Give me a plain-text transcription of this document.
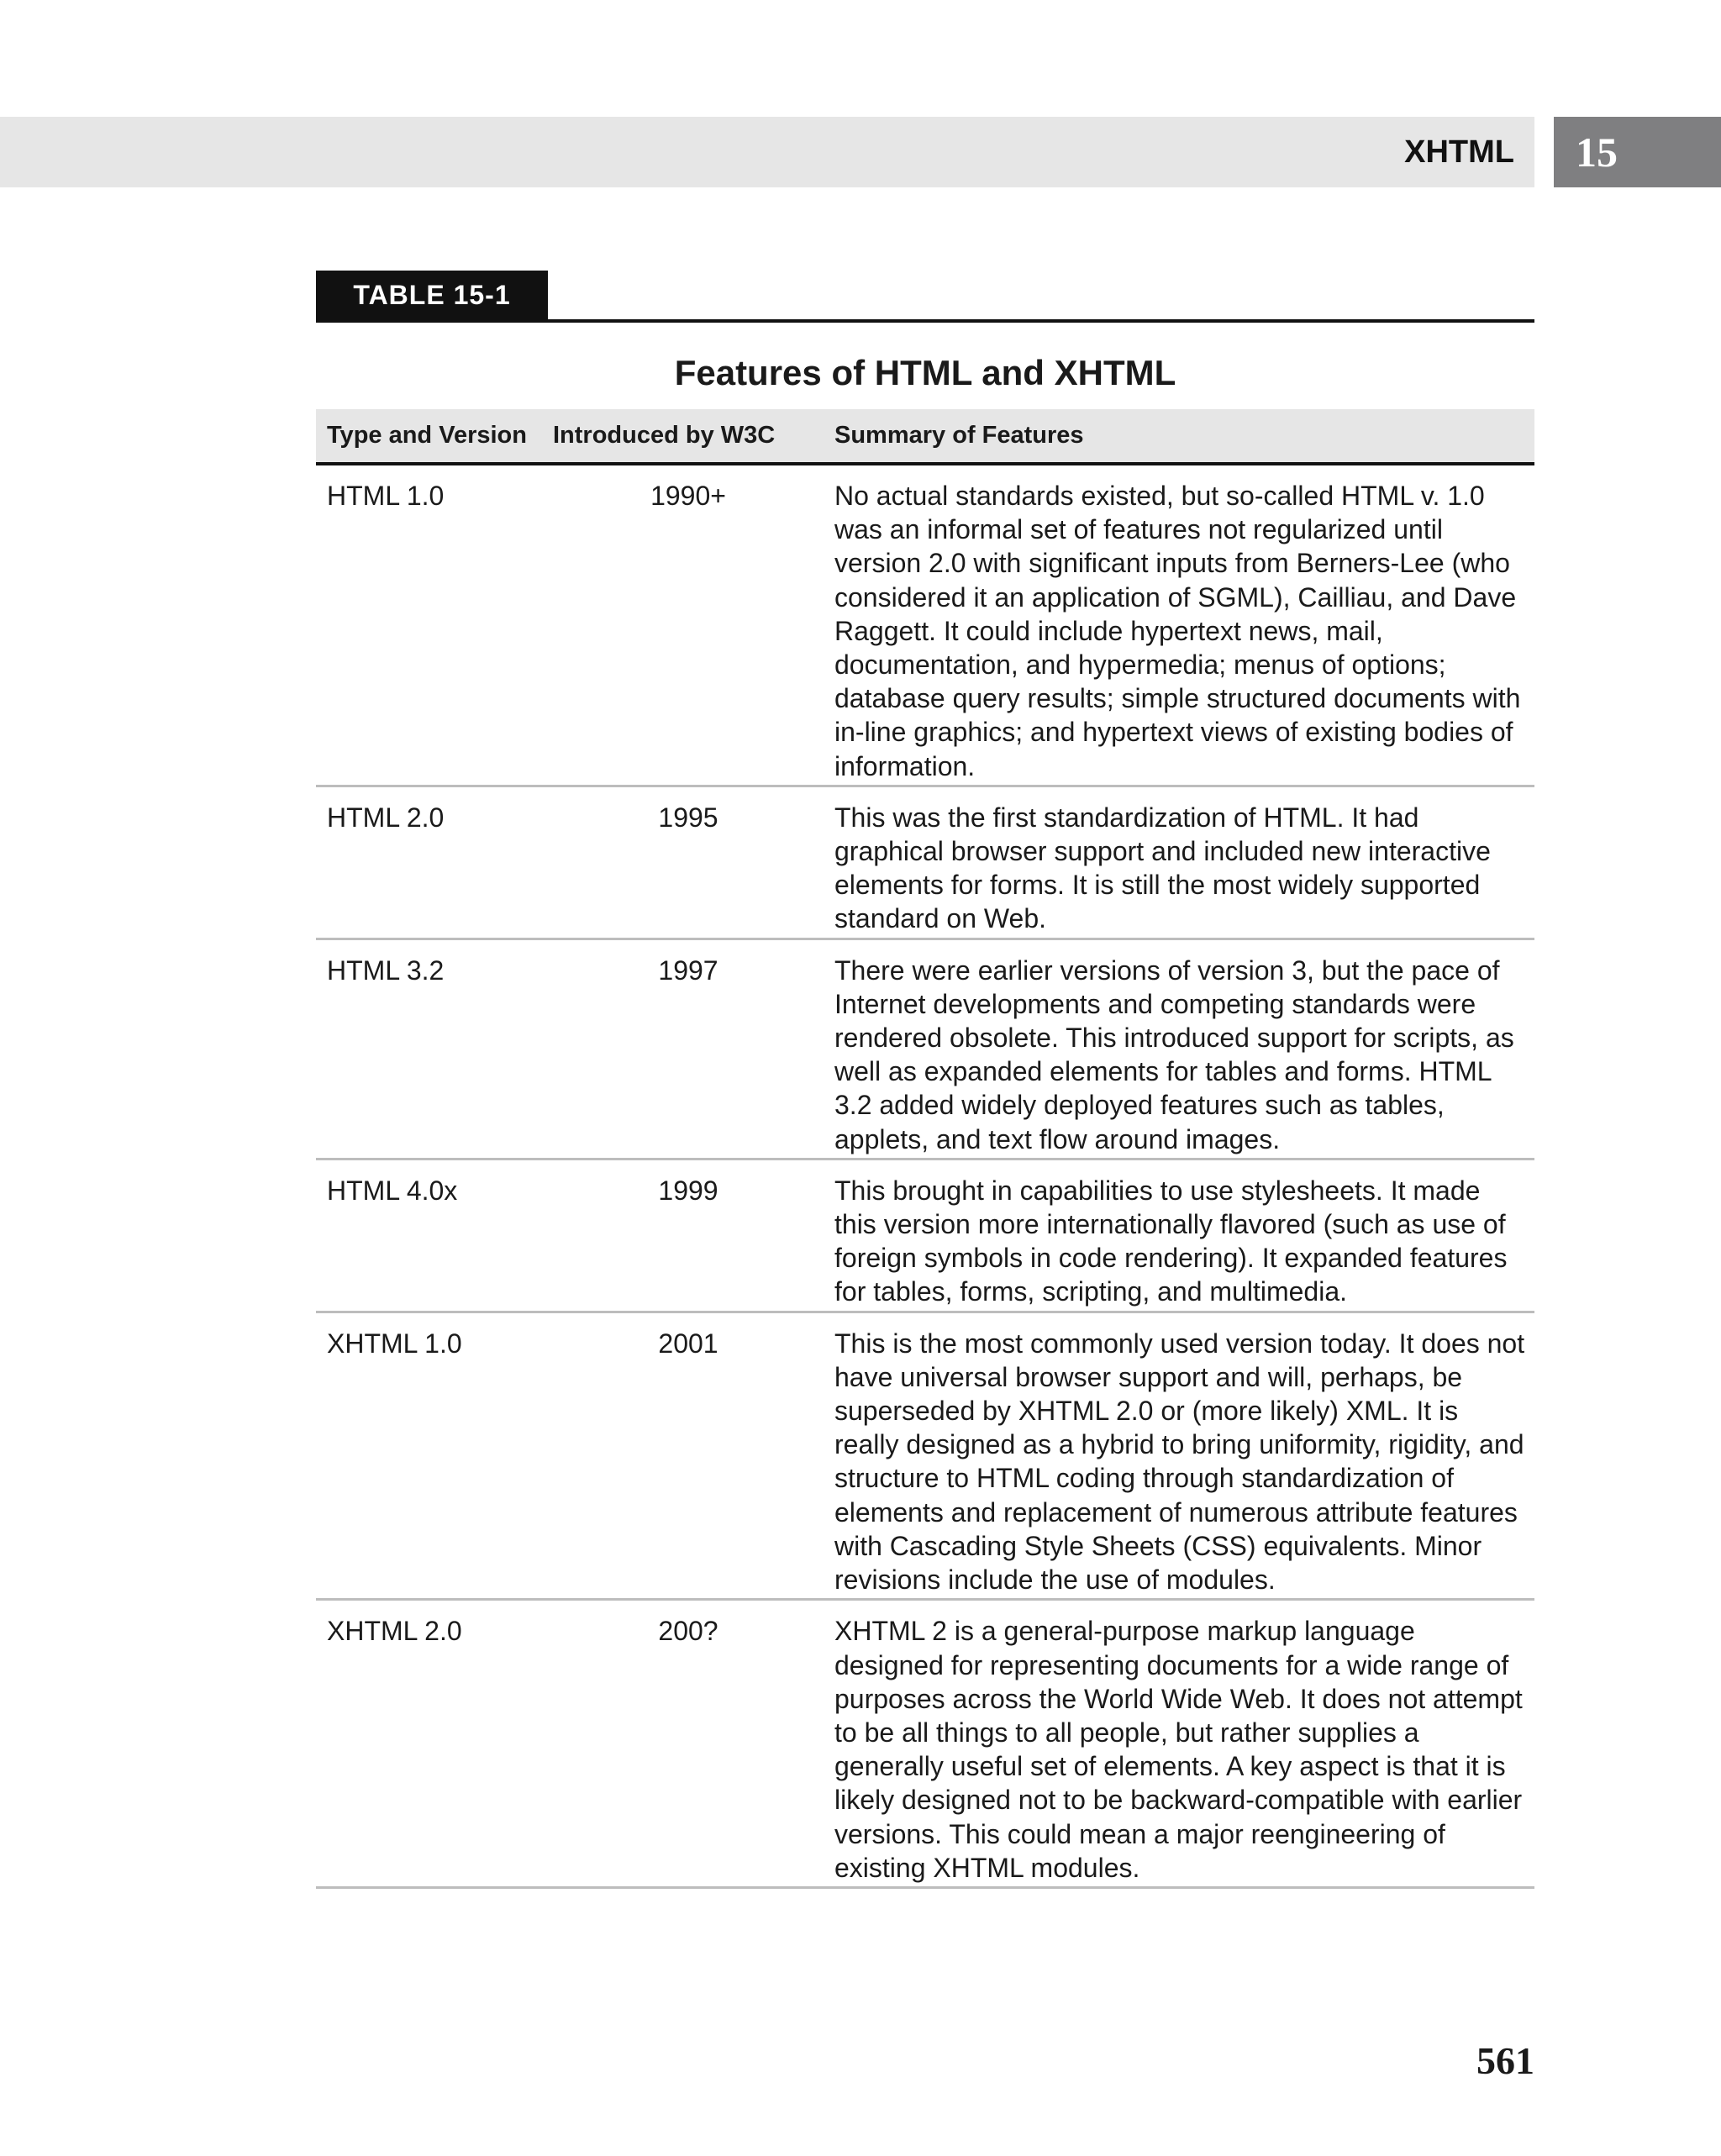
XHTML 15
TABLE 15-1
Features of HTML and XHTML
Type and Version	Introduced by W3C	Summary of Features
HTML 1.0	1990+	No actual standards existed, but so-called HTML v. 1.0 was an informal set of features not regularized until version 2.0 with significant inputs from Berners-Lee (who considered it an application of SGML), Cailliau, and Dave Raggett. It could include hypertext news, mail, documentation, and hypermedia; menus of options; database query results; simple structured documents with in-line graphics; and hypertext views of existing bodies of information.
HTML 2.0	1995	This was the first standardization of HTML. It had graphical browser support and included new interactive elements for forms. It is still the most widely supported standard on Web.
HTML 3.2	1997	There were earlier versions of version 3, but the pace of Internet developments and competing standards were rendered obsolete. This introduced support for scripts, as well as expanded elements for tables and forms. HTML 3.2 added widely deployed features such as tables, applets, and text flow around images.
HTML 4.0x	1999	This brought in capabilities to use stylesheets. It made this version more internationally flavored (such as use of foreign symbols in code rendering). It expanded features for tables, forms, scripting, and multimedia.
XHTML 1.0	2001	This is the most commonly used version today. It does not have universal browser support and will, perhaps, be superseded by XHTML 2.0 or (more likely) XML. It is really designed as a hybrid to bring uniformity, rigidity, and structure to HTML coding through standardization of elements and replacement of numerous attribute features with Cascading Style Sheets (CSS) equivalents. Minor revisions include the use of modules.
XHTML 2.0	200?	XHTML 2 is a general-purpose markup language designed for representing documents for a wide range of purposes across the World Wide Web. It does not attempt to be all things to all people, but rather supplies a generally useful set of elements. A key aspect is that it is likely designed not to be backward-compatible with earlier versions. This could mean a major reengineering of existing XHTML modules.
561
